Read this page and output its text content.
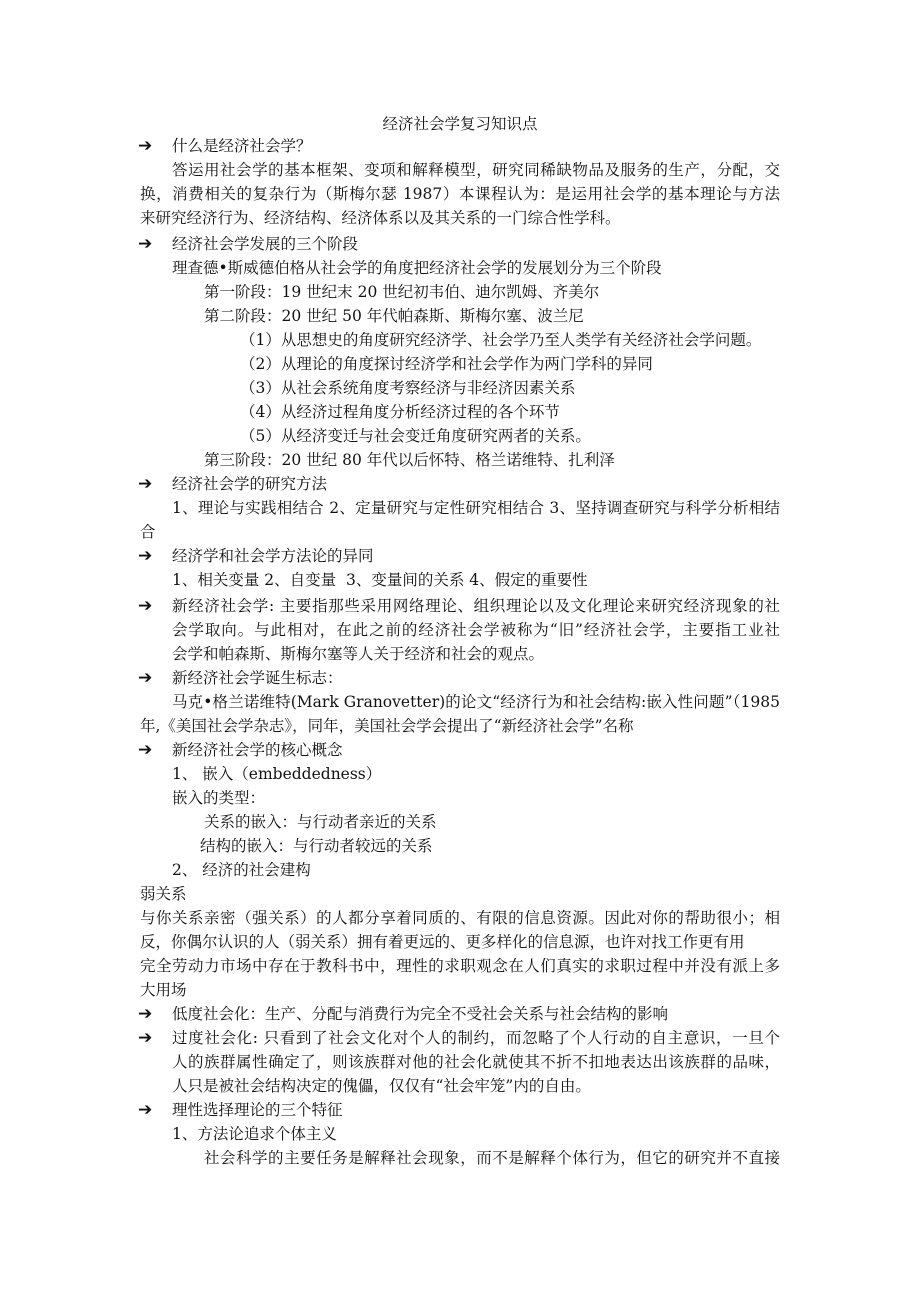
经济社会学复习知识点
➔ 什么是经济社会学？
答运用社会学的基本框架、变项和解释模型，研究同稀缺物品及服务的生产，分配，交
换，消费相关的复杂行为（斯梅尔瑟 1987）本课程认为：是运用社会学的基本理论与方法
来研究经济行为、经济结构、经济体系以及其关系的一门综合性学科。
➔ 经济社会学发展的三个阶段
理查德•斯威德伯格从社会学的角度把经济社会学的发展划分为三个阶段
第一阶段：19 世纪末 20 世纪初韦伯、迪尔凯姆、齐美尔
第二阶段：20 世纪 50 年代帕森斯、斯梅尔塞、波兰尼
（1）从思想史的角度研究经济学、社会学乃至人类学有关经济社会学问题。
（2）从理论的角度探讨经济学和社会学作为两门学科的异同
（3）从社会系统角度考察经济与非经济因素关系
（4）从经济过程角度分析经济过程的各个环节
（5）从经济变迁与社会变迁角度研究两者的关系。
第三阶段：20 世纪 80 年代以后怀特、格兰诺维特、扎利泽
➔ 经济社会学的研究方法
1、理论与实践相结合 2、定量研究与定性研究相结合 3、坚持调查研究与科学分析相结
合
➔ 经济学和社会学方法论的异同
1、相关变量 2、自变量  3、变量间的关系 4、假定的重要性
➔ 新经济社会学: 主要指那些采用网络理论、组织理论以及文化理论来研究经济现象的社
会学取向。与此相对，在此之前的经济社会学被称为“旧”经济社会学，主要指工业社
会学和帕森斯、斯梅尔塞等人关于经济和社会的观点。
➔ 新经济社会学诞生标志：
马克•格兰诺维特(Mark Granovetter)的论文“经济行为和社会结构:嵌入性问题”（1985
年,《美国社会学杂志》，同年，美国社会学会提出了“新经济社会学”名称
➔ 新经济社会学的核心概念
1、 嵌入（embeddedness）
嵌入的类型：
关系的嵌入：与行动者亲近的关系
结构的嵌入：与行动者较远的关系
2、 经济的社会建构
弱关系
与你关系亲密（强关系）的人都分享着同质的、有限的信息资源。因此对你的帮助很小；相
反，你偶尔认识的人（弱关系）拥有着更远的、更多样化的信息源，也许对找工作更有用
完全劳动力市场中存在于教科书中，理性的求职观念在人们真实的求职过程中并没有派上多
大用场
➔ 低度社会化：生产、分配与消费行为完全不受社会关系与社会结构的影响
➔ 过度社会化: 只看到了社会文化对个人的制约，而忽略了个人行动的自主意识，一旦个
人的族群属性确定了，则该族群对他的社会化就使其不折不扣地表达出该族群的品味，
人只是被社会结构决定的傀儡，仅仅有“社会牢笼”内的自由。
➔ 理性选择理论的三个特征
1、方法论追求个体主义
社会科学的主要任务是解释社会现象，而不是解释个体行为，但它的研究并不直接
